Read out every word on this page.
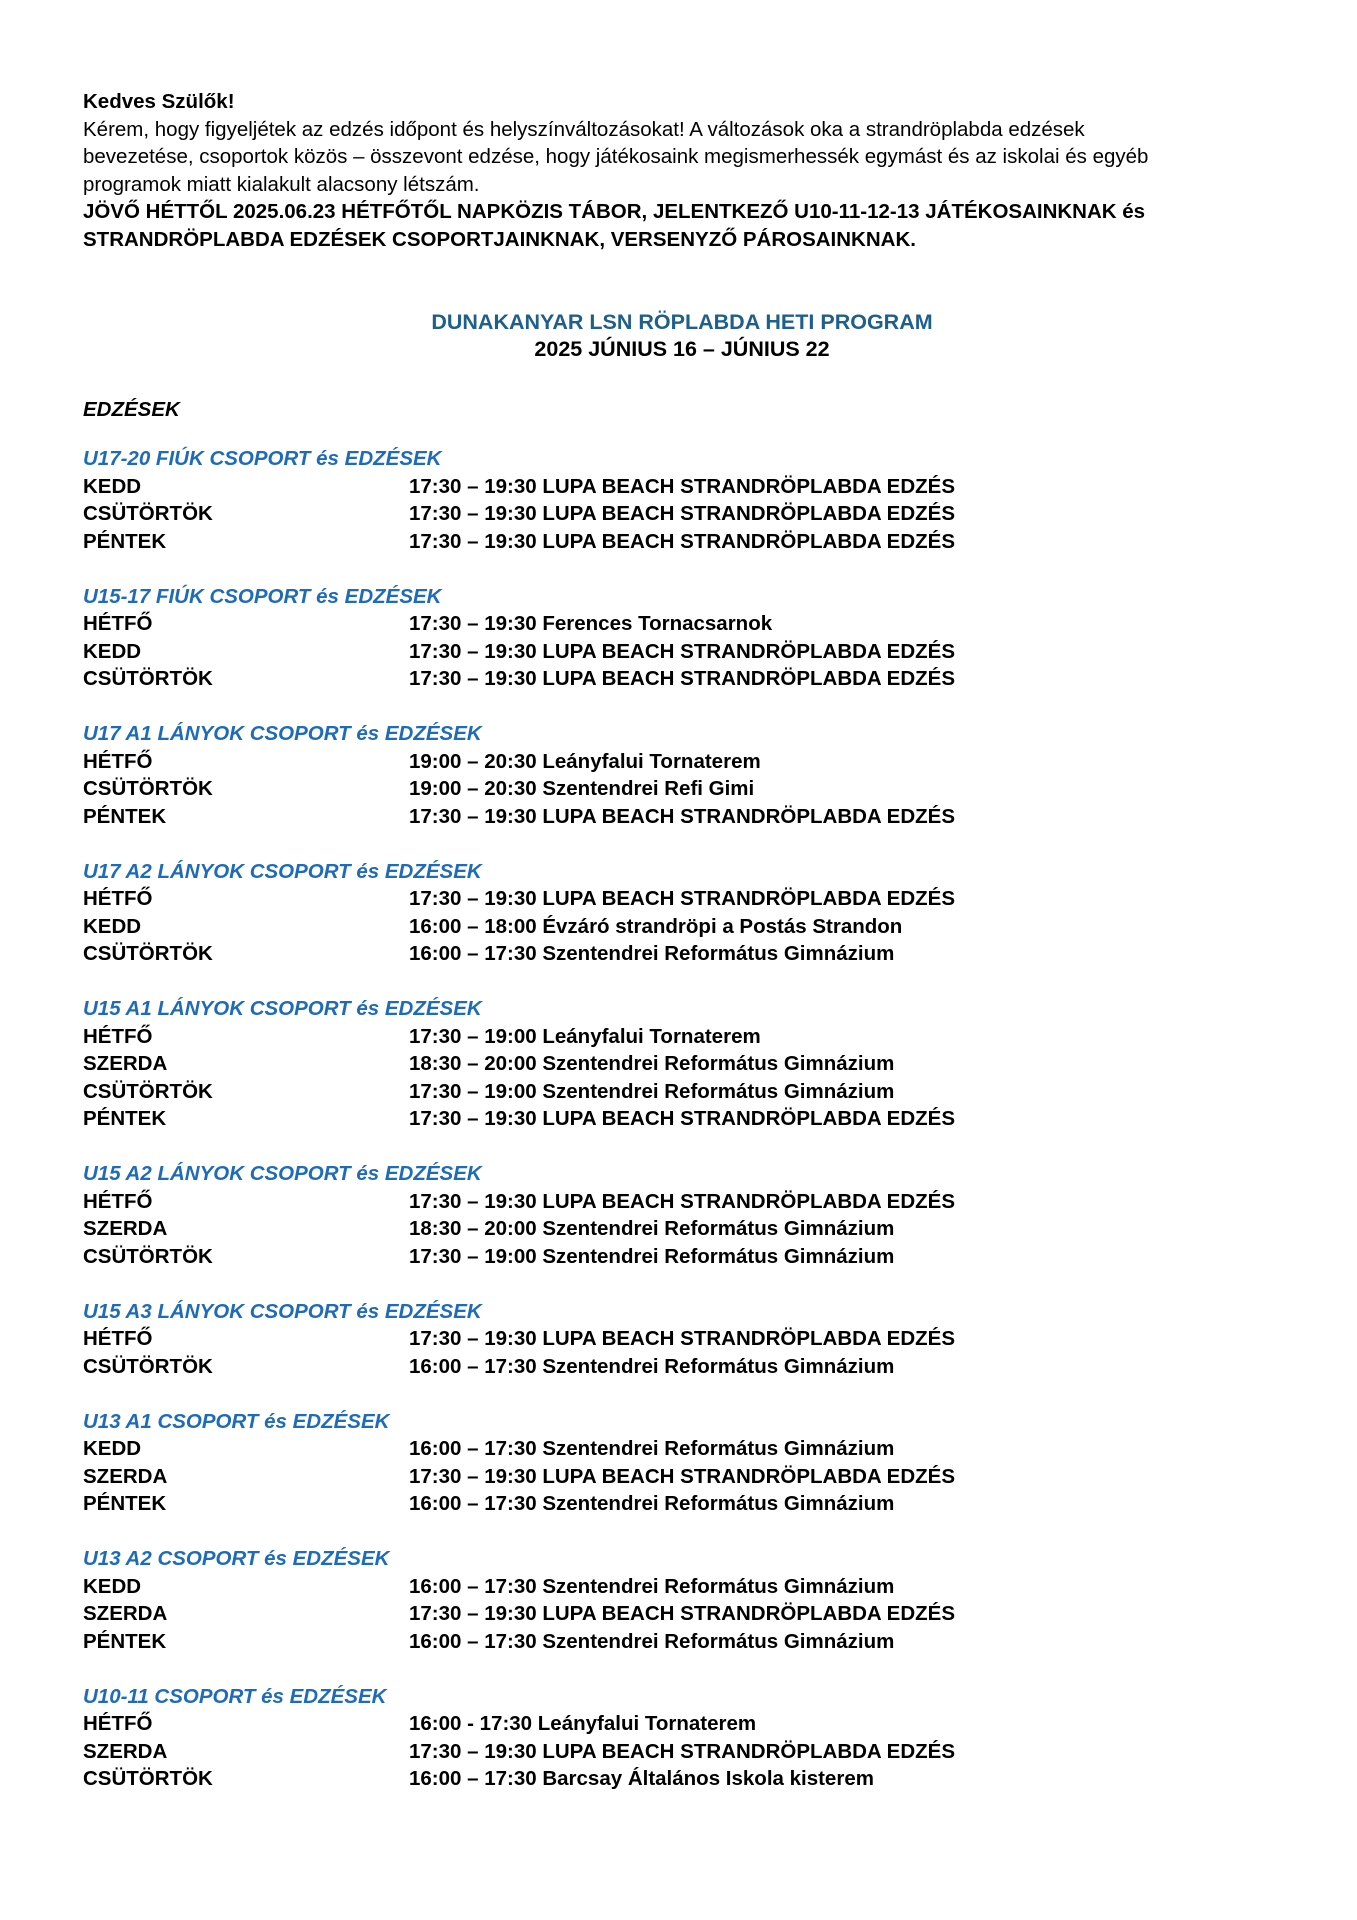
Kedves Szülők!

Kérem, hogy figyeljétek az edzés időpont és helyszínváltozásokat! A változások oka a strandröplabda edzések

bevezetése, csoportok közös – összevont edzése, hogy játékosaink megismerhessék egymást és az iskolai és egyéb

programok miatt kialakult alacsony létszám.

JÖVŐ HÉTTŐL 2025.06.23 HÉTFŐTŐL NAPKÖZIS TÁBOR, JELENTKEZŐ U10-11-12-13 JÁTÉKOSAINKNAK és

STRANDRÖPLABDA EDZÉSEK CSOPORTJAINKNAK, VERSENYZŐ PÁROSAINKNAK.

DUNAKANYAR LSN RÖPLABDA HETI PROGRAM
2025 JÚNIUS 16 – JÚNIUS 22
EDZÉSEK
U17-20 FIÚK CSOPORT és EDZÉSEK
KEDD	17:30 – 19:30 LUPA BEACH STRANDRÖPLABDA EDZÉS
CSÜTÖRTÖK	17:30 – 19:30 LUPA BEACH STRANDRÖPLABDA EDZÉS
PÉNTEK	17:30 – 19:30 LUPA BEACH STRANDRÖPLABDA EDZÉS
U15-17 FIÚK CSOPORT és EDZÉSEK
HÉTFŐ	17:30 – 19:30 Ferences Tornacsarnok
KEDD	17:30 – 19:30 LUPA BEACH STRANDRÖPLABDA EDZÉS
CSÜTÖRTÖK	17:30 – 19:30 LUPA BEACH STRANDRÖPLABDA EDZÉS
U17 A1 LÁNYOK CSOPORT és EDZÉSEK
HÉTFŐ	19:00 – 20:30 Leányfalui Tornaterem
CSÜTÖRTÖK	19:00 – 20:30 Szentendrei Refi Gimi
PÉNTEK	17:30 – 19:30 LUPA BEACH STRANDRÖPLABDA EDZÉS
U17 A2 LÁNYOK CSOPORT és EDZÉSEK
HÉTFŐ	17:30 – 19:30 LUPA BEACH STRANDRÖPLABDA EDZÉS
KEDD	16:00 – 18:00 Évzáró strandröpi a Postás Strandon
CSÜTÖRTÖK	16:00 – 17:30 Szentendrei Református Gimnázium
U15 A1 LÁNYOK CSOPORT és EDZÉSEK
HÉTFŐ	17:30 – 19:00 Leányfalui Tornaterem
SZERDA	18:30 – 20:00 Szentendrei Református Gimnázium
CSÜTÖRTÖK	17:30 – 19:00 Szentendrei Református Gimnázium
PÉNTEK	17:30 – 19:30 LUPA BEACH STRANDRÖPLABDA EDZÉS
U15 A2 LÁNYOK CSOPORT és EDZÉSEK
HÉTFŐ	17:30 – 19:30 LUPA BEACH STRANDRÖPLABDA EDZÉS
SZERDA	18:30 – 20:00 Szentendrei Református Gimnázium
CSÜTÖRTÖK	17:30 – 19:00 Szentendrei Református Gimnázium
U15 A3 LÁNYOK CSOPORT és EDZÉSEK
HÉTFŐ	17:30 – 19:30 LUPA BEACH STRANDRÖPLABDA EDZÉS
CSÜTÖRTÖK	16:00 – 17:30 Szentendrei Református Gimnázium
U13 A1 CSOPORT és EDZÉSEK
KEDD	16:00 – 17:30 Szentendrei Református Gimnázium
SZERDA	17:30 – 19:30 LUPA BEACH STRANDRÖPLABDA EDZÉS
PÉNTEK	16:00 – 17:30 Szentendrei Református Gimnázium
U13 A2 CSOPORT és EDZÉSEK
KEDD	16:00 – 17:30 Szentendrei Református Gimnázium
SZERDA	17:30 – 19:30 LUPA BEACH STRANDRÖPLABDA EDZÉS
PÉNTEK	16:00 – 17:30 Szentendrei Református Gimnázium
U10-11 CSOPORT és EDZÉSEK
HÉTFŐ	16:00 - 17:30 Leányfalui Tornaterem
SZERDA	17:30 – 19:30 LUPA BEACH STRANDRÖPLABDA EDZÉS
CSÜTÖRTÖK	16:00 – 17:30 Barcsay Általános Iskola kisterem
